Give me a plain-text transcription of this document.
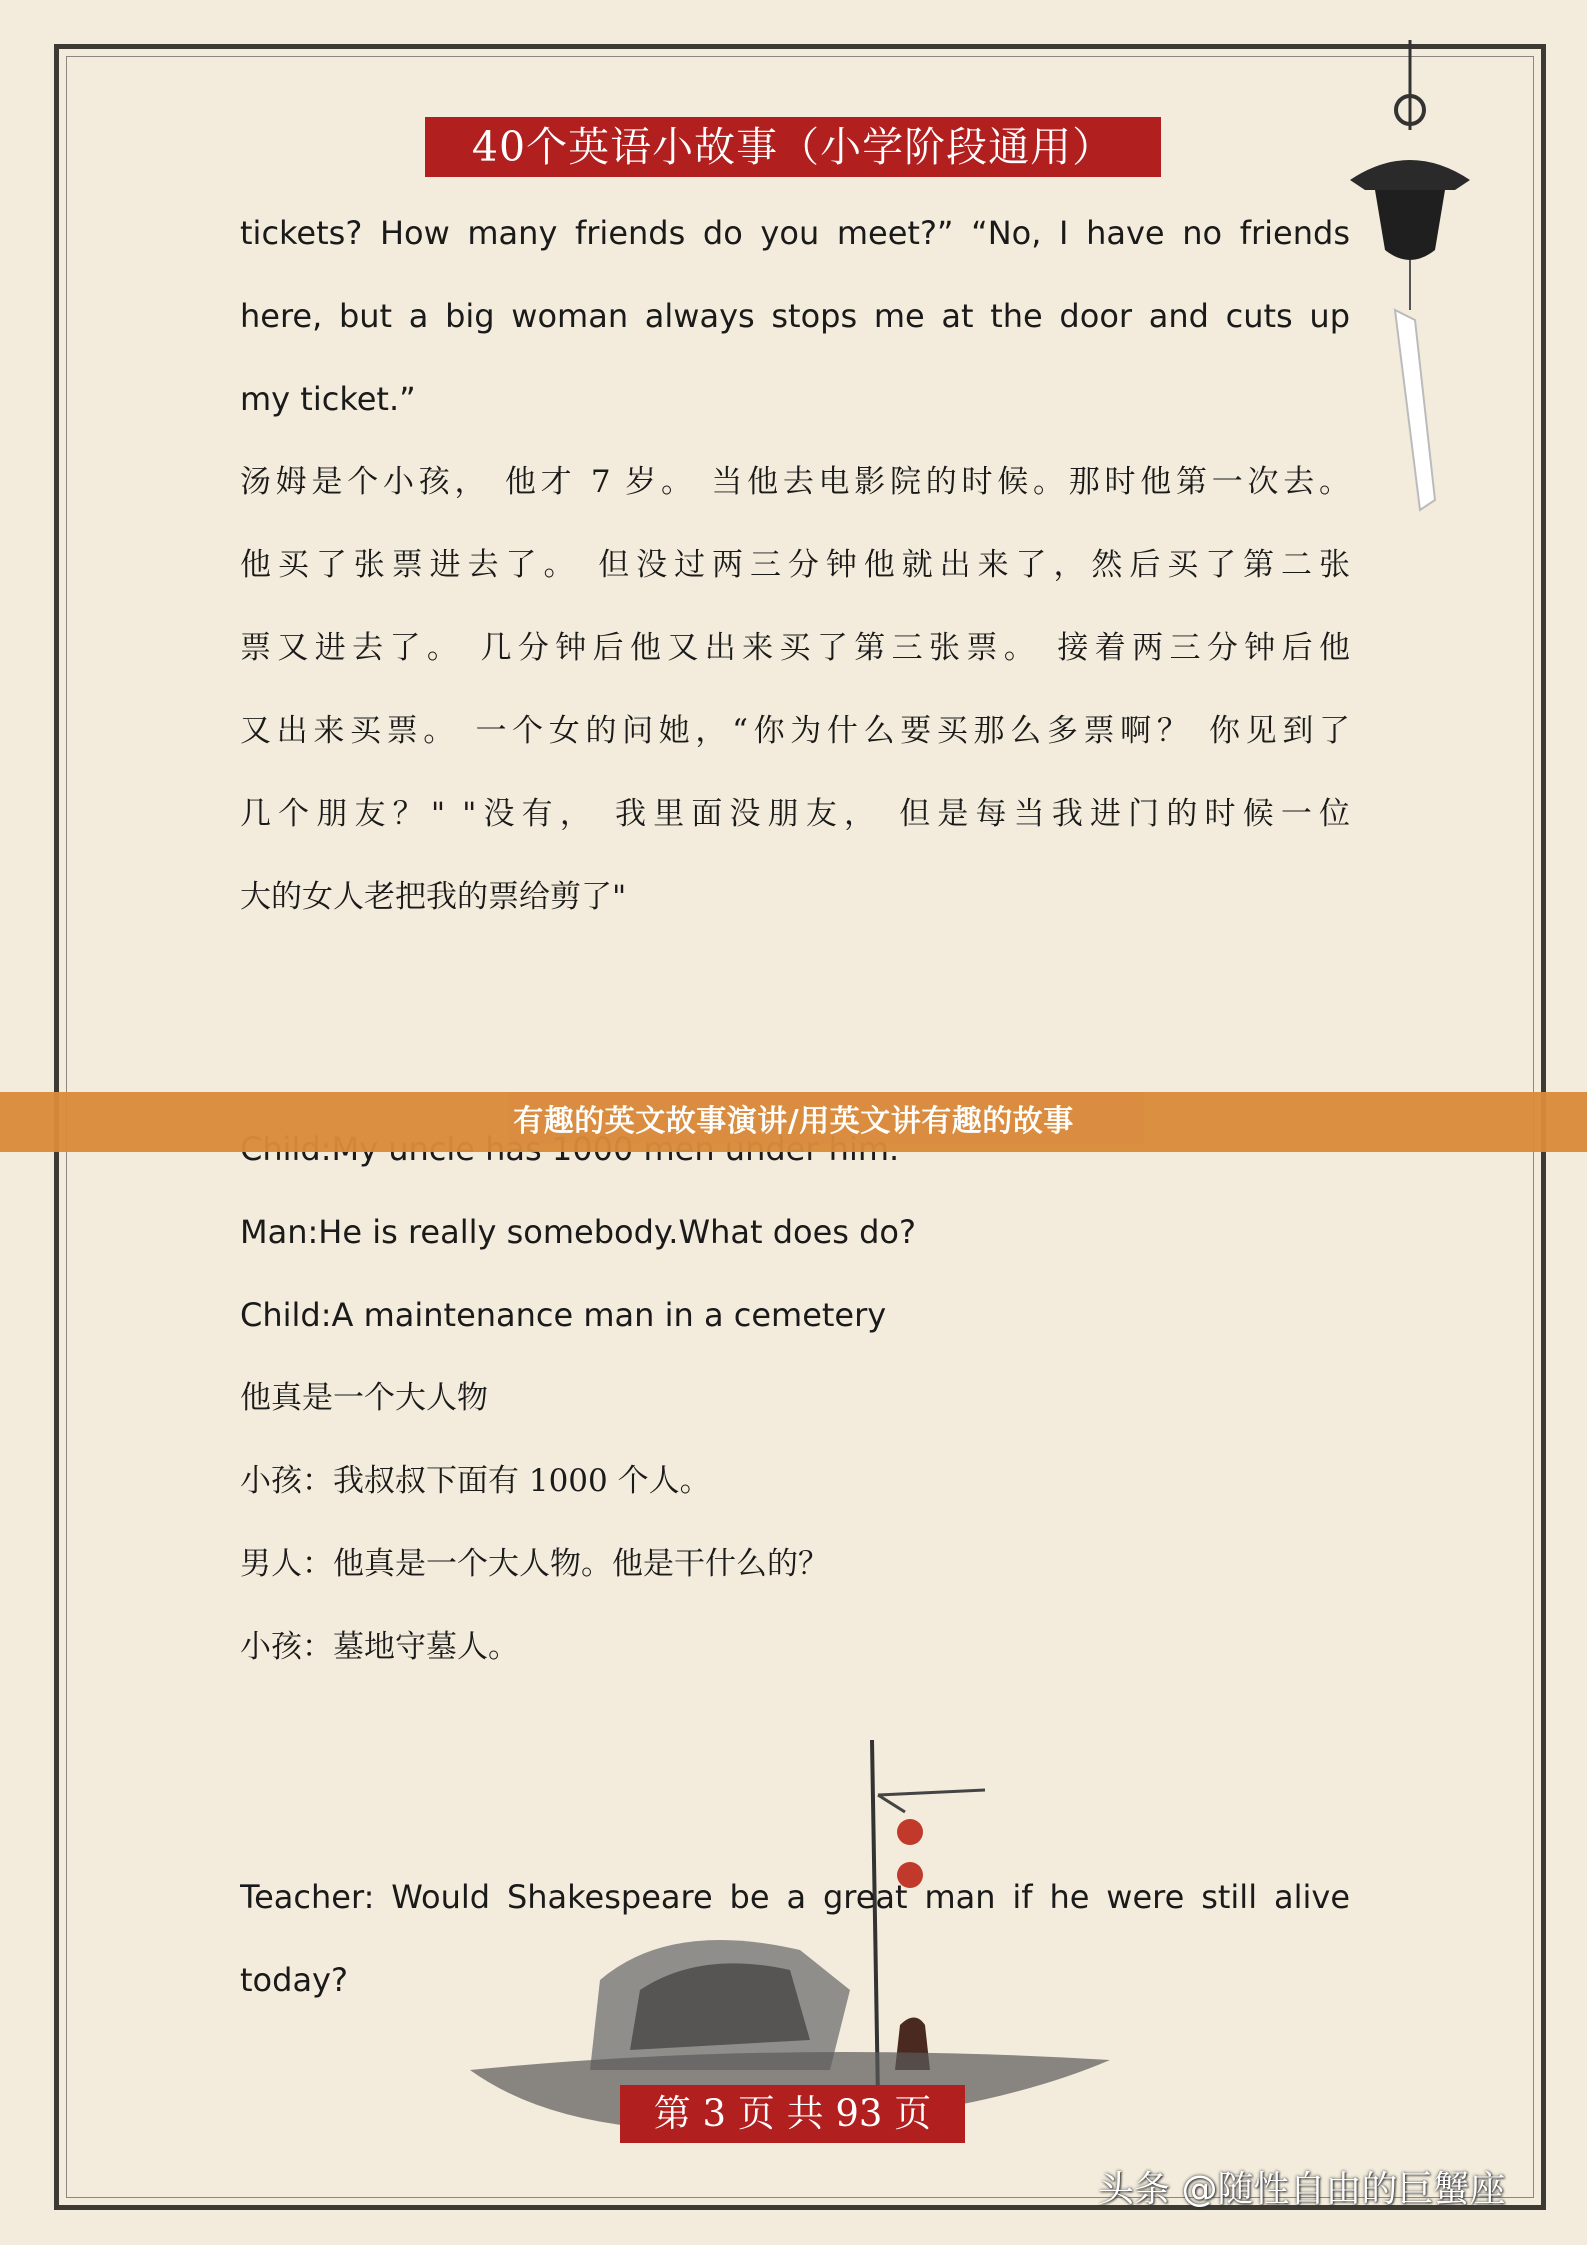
40个英语小故事（小学阶段通用）
tickets? How many friends do you meet?” “No, I have no friends
here, but a big woman always stops me at the door and cuts up
my ticket.”
汤姆是个小孩， 他才 7 岁。 当他去电影院的时候。那时他第一次去。
他买了张票进去了。 但没过两三分钟他就出来了，然后买了第二张
票又进去了。 几分钟后他又出来买了第三张票。 接着两三分钟后他
又出来买票。 一个女的问她，“你为什么要买那么多票啊？ 你见到了
几个朋友？" "没有， 我里面没朋友， 但是每当我进门的时候一位
大的女人老把我的票给剪了"
Man:He is really somebody.What does do?
Child:A maintenance man in a cemetery
他真是一个大人物
小孩：我叔叔下面有 1000 个人。
男人：他真是一个大人物。他是干什么的？
小孩：墓地守墓人。
Teacher: Would Shakespeare be a great man if he were still alive
today?
有趣的英文故事演讲/用英文讲有趣的故事
第 3 页 共 93 页
头条 @随性自由的巨蟹座
